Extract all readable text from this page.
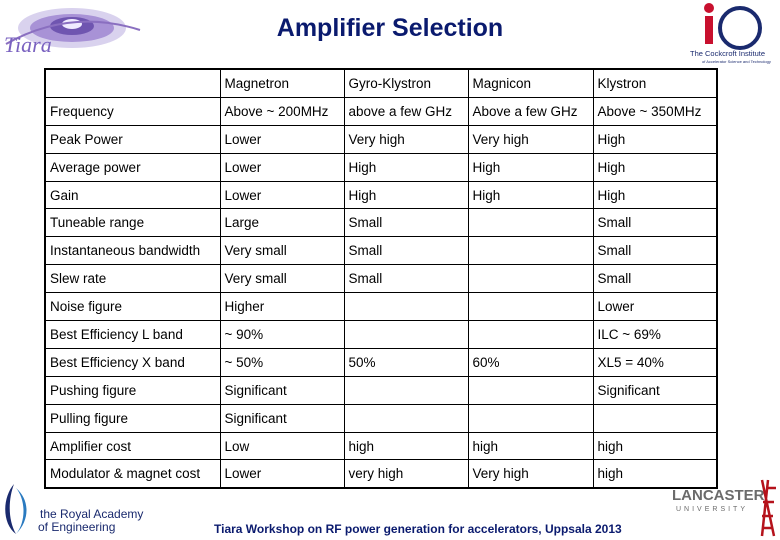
Tiara
Amplifier Selection
The Cockcroft Institute
of Accelerator Science and Technology
	Magnetron	Gyro-Klystron	Magnicon	Klystron
Frequency	Above ~ 200MHz	above a few GHz	Above a few GHz	Above ~ 350MHz
Peak Power	Lower	Very high	Very high	High
Average power	Lower	High	High	High
Gain	Lower	High	High	High
Tuneable range	Large	Small		Small
Instantaneous bandwidth	Very small	Small		Small
Slew rate	Very small	Small		Small
Noise figure	Higher			Lower
Best Efficiency L band	~ 90%			ILC ~ 69%
Best Efficiency X band	~ 50%	50%	60%	XL5 = 40%
Pushing figure	Significant			Significant
Pulling figure	Significant			
Amplifier cost	Low	high	high	high
Modulator & magnet cost	Lower	very high	Very high	high
the Royal Academy
of Engineering	Tiara Workshop on RF power generation for accelerators, Uppsala 2013
LANCASTER
UNIVERSITY
